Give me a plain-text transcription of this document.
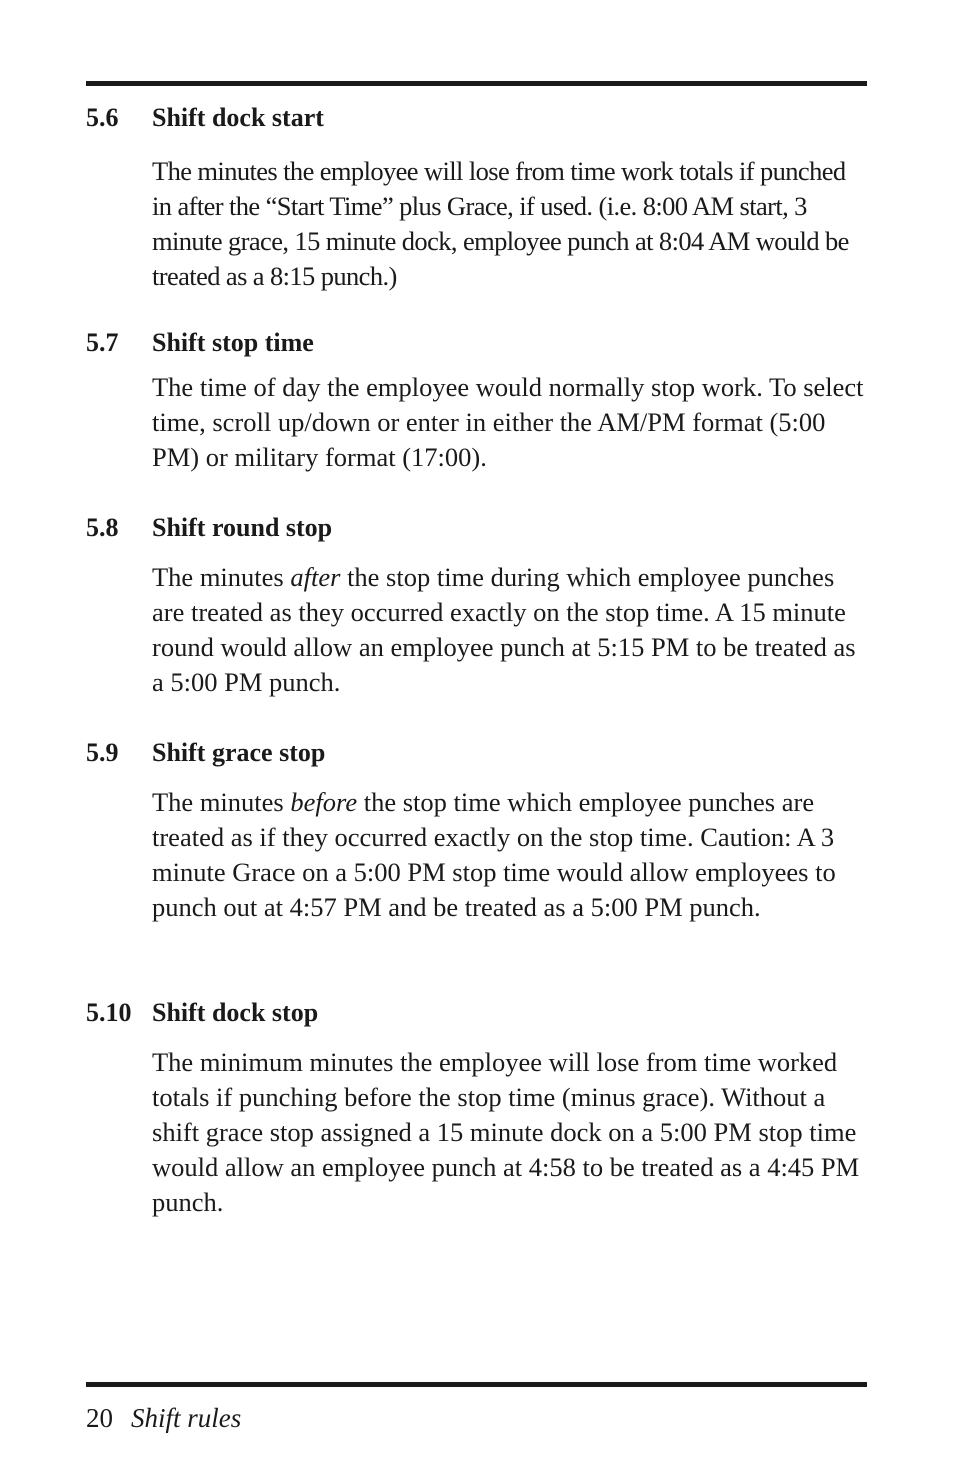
5.6 Shift dock start
The minutes the employee will lose from time work totals if punched in after the “Start Time” plus Grace, if used. (i.e. 8:00 AM start, 3 minute grace, 15 minute dock, employee punch at 8:04 AM would be treated as a 8:15 punch.)
5.7 Shift stop time
The time of day the employee would normally stop work. To select time, scroll up/down or enter in either the AM/PM format (5:00 PM) or military format (17:00).
5.8 Shift round stop
The minutes after the stop time during which employee punches are treated as they occurred exactly on the stop time. A 15 minute round would allow an employee punch at 5:15 PM to be treated as a 5:00 PM punch.
5.9 Shift grace stop
The minutes before the stop time which employee punches are treated as if they occurred exactly on the stop time. Caution: A 3 minute Grace on a 5:00 PM stop time would allow employees to punch out at 4:57 PM and be treated as a 5:00 PM punch.
5.10 Shift dock stop
The minimum minutes the employee will lose from time worked totals if punching before the stop time (minus grace). Without a shift grace stop assigned a 15 minute dock on a 5:00 PM stop time would allow an employee punch at 4:58 to be treated as a 4:45 PM punch.
20 Shift rules
